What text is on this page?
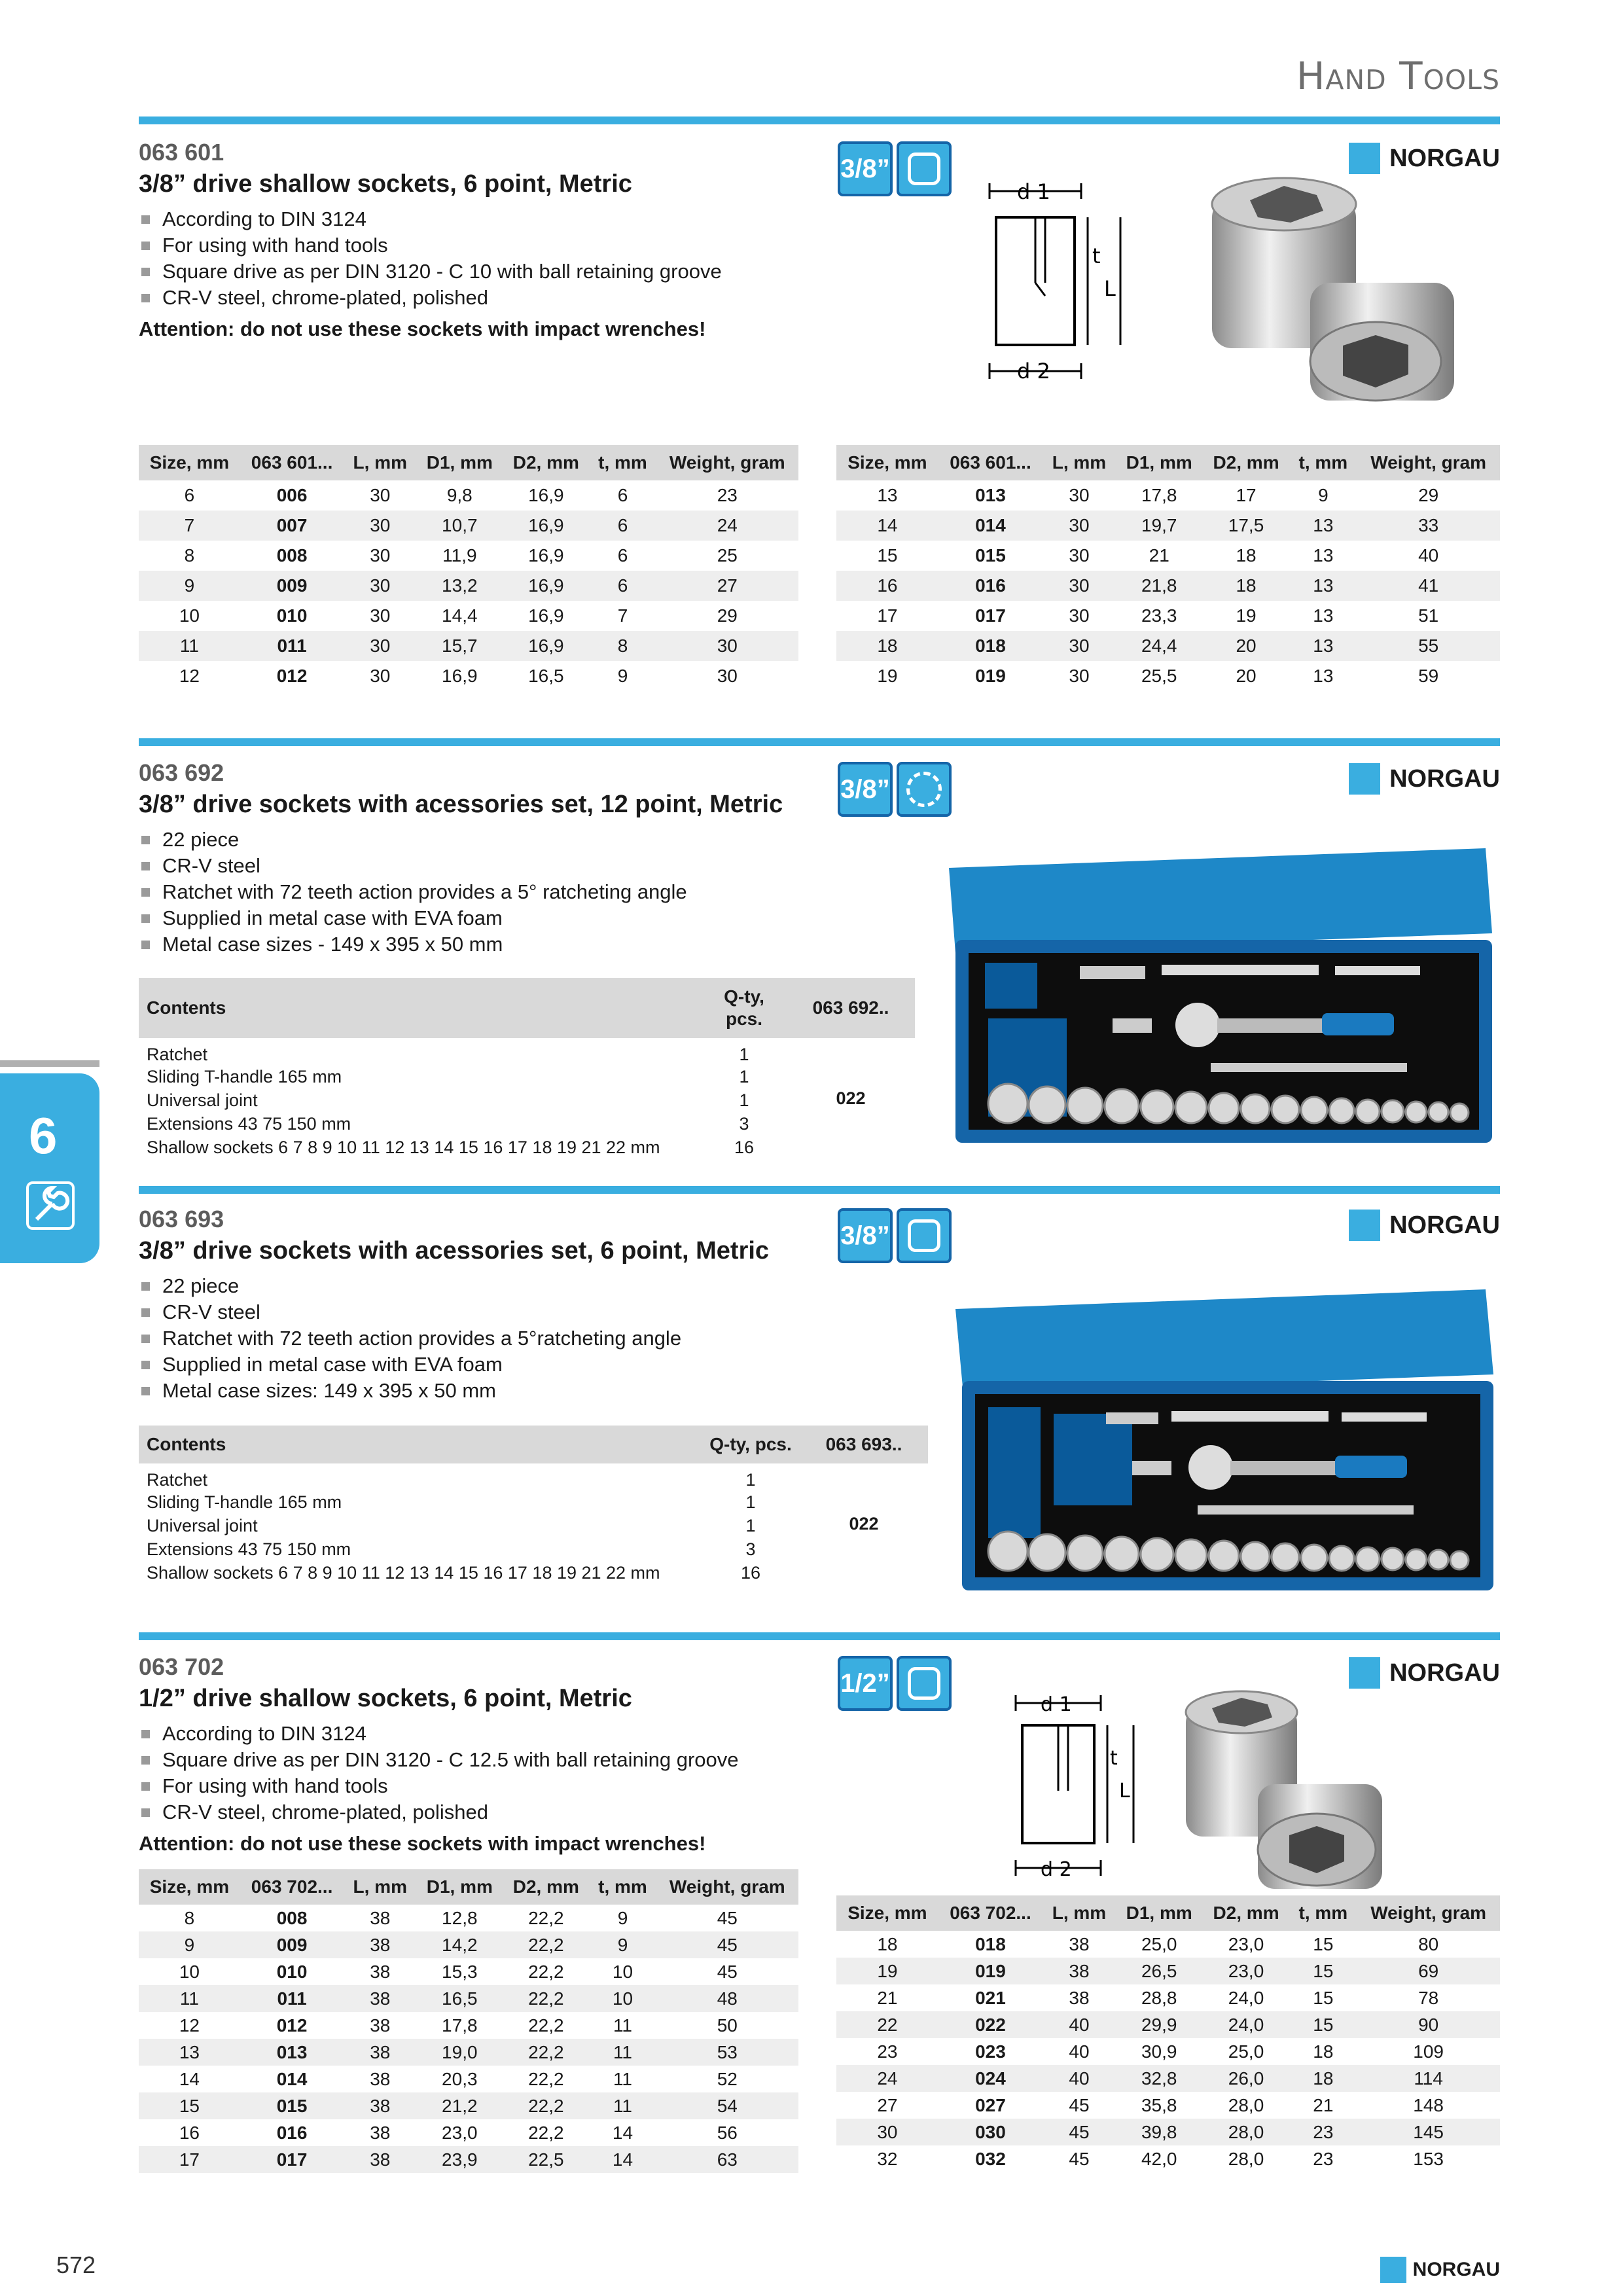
Hand Tools
6
063 601
3/8” drive shallow sockets, 6 point, Metric
According to DIN 3124
For using with hand tools
Square drive as per DIN 3120 - C 10 with ball retaining groove
CR-V steel, chrome-plated, polished
Attention: do not use these sockets with impact wrenches!
3/8”	NORGAU
d 1
t
L
d 2
Size, mm	063 601...	L, mm	D1, mm	D2, mm	t, mm	Weight, gram
6	006	30	9,8	16,9	6	23
7	007	30	10,7	16,9	6	24
8	008	30	11,9	16,9	6	25
9	009	30	13,2	16,9	6	27
10	010	30	14,4	16,9	7	29
11	011	30	15,7	16,9	8	30
12	012	30	16,9	16,5	9	30
Size, mm	063 601...	L, mm	D1, mm	D2, mm	t, mm	Weight, gram
13	013	30	17,8	17	9	29
14	014	30	19,7	17,5	13	33
15	015	30	21	18	13	40
16	016	30	21,8	18	13	41
17	017	30	23,3	19	13	51
18	018	30	24,4	20	13	55
19	019	30	25,5	20	13	59
063 692
3/8” drive sockets with acessories set, 12 point, Metric
22 piece
CR-V steel
Ratchet with 72 teeth action provides a 5° ratcheting angle
Supplied in metal case with EVA foam
Metal case sizes - 149 x 395 x 50 mm
3/8”	NORGAU
Contents	Q-ty, pcs.	063 692..
Ratchet	1	022
Sliding T-handle 165 mm	1	
Universal joint	1	
Extensions 43 75 150 mm	3	
Shallow sockets 6 7 8 9 10 11 12 13 14 15 16 17 18 19 21 22 mm	16	
063 693
3/8” drive sockets with acessories set, 6 point, Metric
22 piece
CR-V steel
Ratchet with 72 teeth action provides a 5°ratcheting angle
Supplied in metal case with EVA foam
Metal case sizes: 149 x 395 x 50 mm
3/8”	NORGAU
Contents	Q-ty, pcs.	063 693..
Ratchet	1	022
Sliding T-handle 165 mm	1	
Universal joint	1	
Extensions 43 75 150 mm	3	
Shallow sockets 6 7 8 9 10 11 12 13 14 15 16 17 18 19 21 22 mm	16	
063 702
1/2” drive shallow sockets, 6 point, Metric
According to DIN 3124
Square drive as per DIN 3120 - C 12.5 with ball retaining groove
For using with hand tools
CR-V steel, chrome-plated, polished
Attention: do not use these sockets with impact wrenches!
1/2”	NORGAU
d 1
t
L
d 2
Size, mm	063 702...	L, mm	D1, mm	D2, mm	t, mm	Weight, gram
8	008	38	12,8	22,2	9	45
9	009	38	14,2	22,2	9	45
10	010	38	15,3	22,2	10	45
11	011	38	16,5	22,2	10	48
12	012	38	17,8	22,2	11	50
13	013	38	19,0	22,2	11	53
14	014	38	20,3	22,2	11	52
15	015	38	21,2	22,2	11	54
16	016	38	23,0	22,2	14	56
17	017	38	23,9	22,5	14	63
Size, mm	063 702...	L, mm	D1, mm	D2, mm	t, mm	Weight, gram
18	018	38	25,0	23,0	15	80
19	019	38	26,5	23,0	15	69
21	021	38	28,8	24,0	15	78
22	022	40	29,9	24,0	15	90
23	023	40	30,9	25,0	18	109
24	024	40	32,8	26,0	18	114
27	027	45	35,8	28,0	21	148
30	030	45	39,8	28,0	23	145
32	032	45	42,0	28,0	23	153
572	NORGAU
